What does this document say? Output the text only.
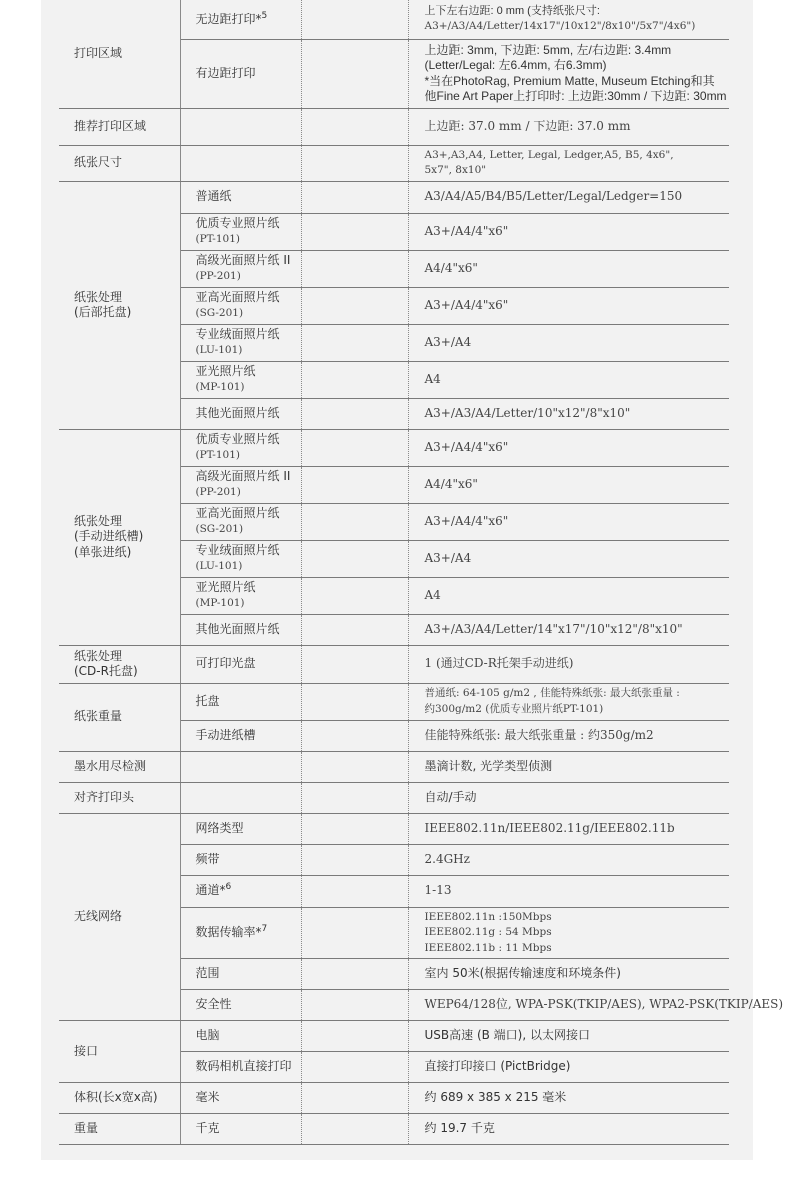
打印区域	无边距打印*$^5$		上下左右边距: 0 mm (支持纸张尺寸:
A3+/A3/A4/Letter/14x17"/10x12"/8x10"/5x7"/4x6")

	有边距打印		上边距: 3mm, 下边距: 5mm, 左/右边距: 3.4mm
(Letter/Legal: 左6.4mm, 右6.3mm)
*当在PhotoRag, Premium Matte, Museum Etching和其
他Fine Art Paper上打印时: 上边距:30mm / 下边距: 30mm

推荐打印区域			上边距: 37.0 mm / 下边距: 37.0 mm
纸张尺寸			A3+,A3,A4, Letter, Legal, Ledger,A5, B5, 4x6",
5x7", 8x10"

纸张处理
(后部托盘)	普通纸		A3/A4/A5/B4/B5/Letter/Legal/Ledger=150

	优质专业照片纸
(PT-101)		A3+/A4/4"x6"

	高级光面照片纸 II
(PP-201)		A4/4"x6"

	亚高光面照片纸
(SG-201)		A3+/A4/4"x6"

	专业绒面照片纸
(LU-101)		A3+/A4

	亚光照片纸
(MP-101)		A4

	其他光面照片纸		A3+/A3/A4/Letter/10"x12"/8"x10"

纸张处理
(手动进纸槽)
(单张进纸)	优质专业照片纸
(PT-101)		A3+/A4/4"x6"

	高级光面照片纸 II
(PP-201)		A4/4"x6"

	亚高光面照片纸
(SG-201)		A3+/A4/4"x6"

	专业绒面照片纸
(LU-101)		A3+/A4

	亚光照片纸
(MP-101)		A4

	其他光面照片纸		A3+/A3/A4/Letter/14"x17"/10"x12"/8"x10"

纸张处理
(CD-R托盘)	可打印光盘		1 (通过CD-R托架手动进纸)
纸张重量	托盘		普通纸: 64-105 g/m2 , 佳能特殊纸张: 最大纸张重量 :
约300g/m2 (优质专业照片纸PT-101)

	手动进纸槽		佳能特殊纸张: 最大纸张重量 : 约350g/m2
墨水用尽检测			墨滴计数, 光学类型侦测
对齐打印头			自动/手动
无线网络	网络类型		IEEE802.11n/IEEE802.11g/IEEE802.11b
	频带		2.4GHz
	通道*$^6$		1-13
	数据传输率*$^7$		IEEE802.11n :150Mbps
IEEE802.11g : 54 Mbps
IEEE802.11b : 11 Mbps

	范围		室内 50米(根据传输速度和环境条件)
	安全性		WEP64/128位, WPA-PSK(TKIP/AES), WPA2-PSK(TKIP/AES)
接口	电脑		USB高速 (B 端口), 以太网接口
	数码相机直接打印		直接打印接口 (PictBridge)
体积(长x宽x高)	毫米		约 689 x 385 x 215 毫米
重量	千克		约 19.7 千克
